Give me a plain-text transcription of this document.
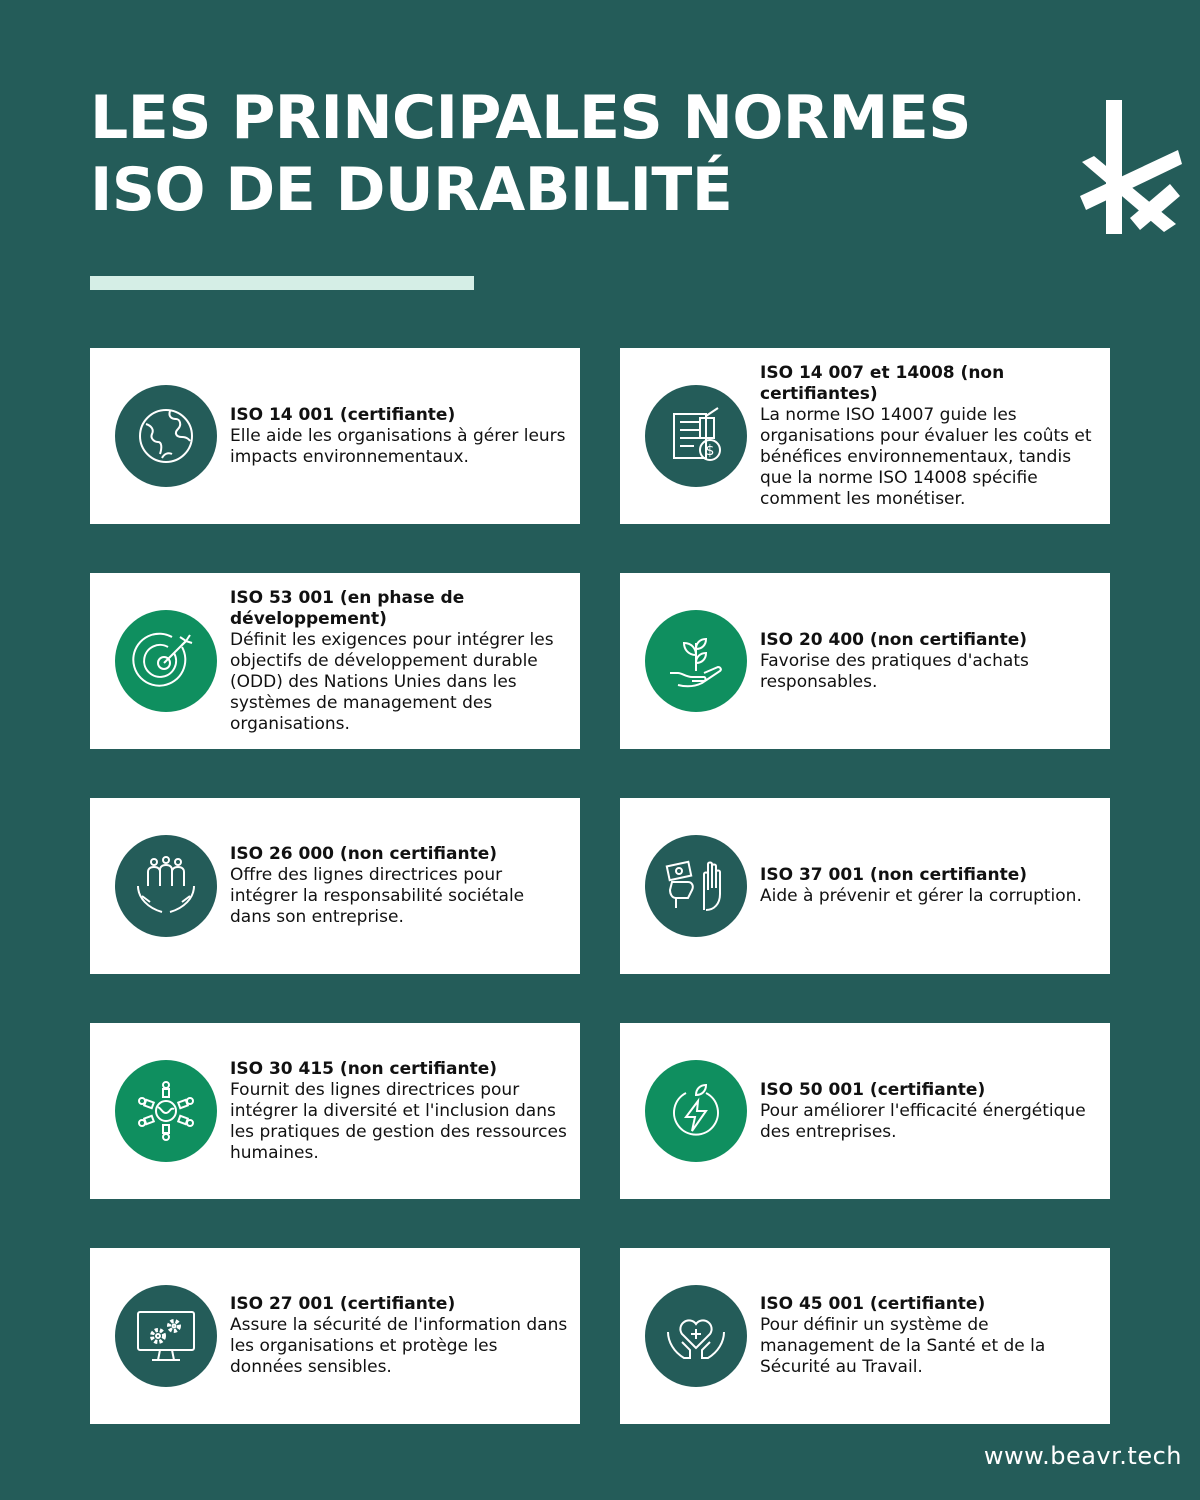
LES PRINCIPALES NORMES
ISO DE DURABILITÉ
ISO 14 001 (certifiante)
Elle aide les organisations à gérer leurs impacts environnementaux.	$
ISO 14 007 et 14008 (non certifiantes)
La norme ISO 14007 guide les organisations pour évaluer les coûts et bénéfices environnementaux, tandis que la norme ISO 14008 spécifie comment les monétiser.
ISO 53 001 (en phase de développement)
Définit les exigences pour intégrer les objectifs de développement durable (ODD) des Nations Unies dans les systèmes de management des organisations.
ISO 20 400 (non certifiante)
Favorise des pratiques d'achats responsables.
ISO 26 000 (non certifiante)
Offre des lignes directrices pour intégrer la responsabilité sociétale dans son entreprise.
ISO 37 001 (non certifiante)
Aide à prévenir et gérer la corruption.
ISO 30 415 (non certifiante)
Fournit des lignes directrices pour intégrer la diversité et l'inclusion dans les pratiques de gestion des ressources humaines.
ISO 50 001 (certifiante)
Pour améliorer l'efficacité énergétique des entreprises.
ISO 27 001 (certifiante)
Assure la sécurité de l'information dans les organisations et protège les données sensibles.
ISO 45 001 (certifiante)
Pour définir un système de management de la Santé et de la Sécurité au Travail.
www.beavr.tech
